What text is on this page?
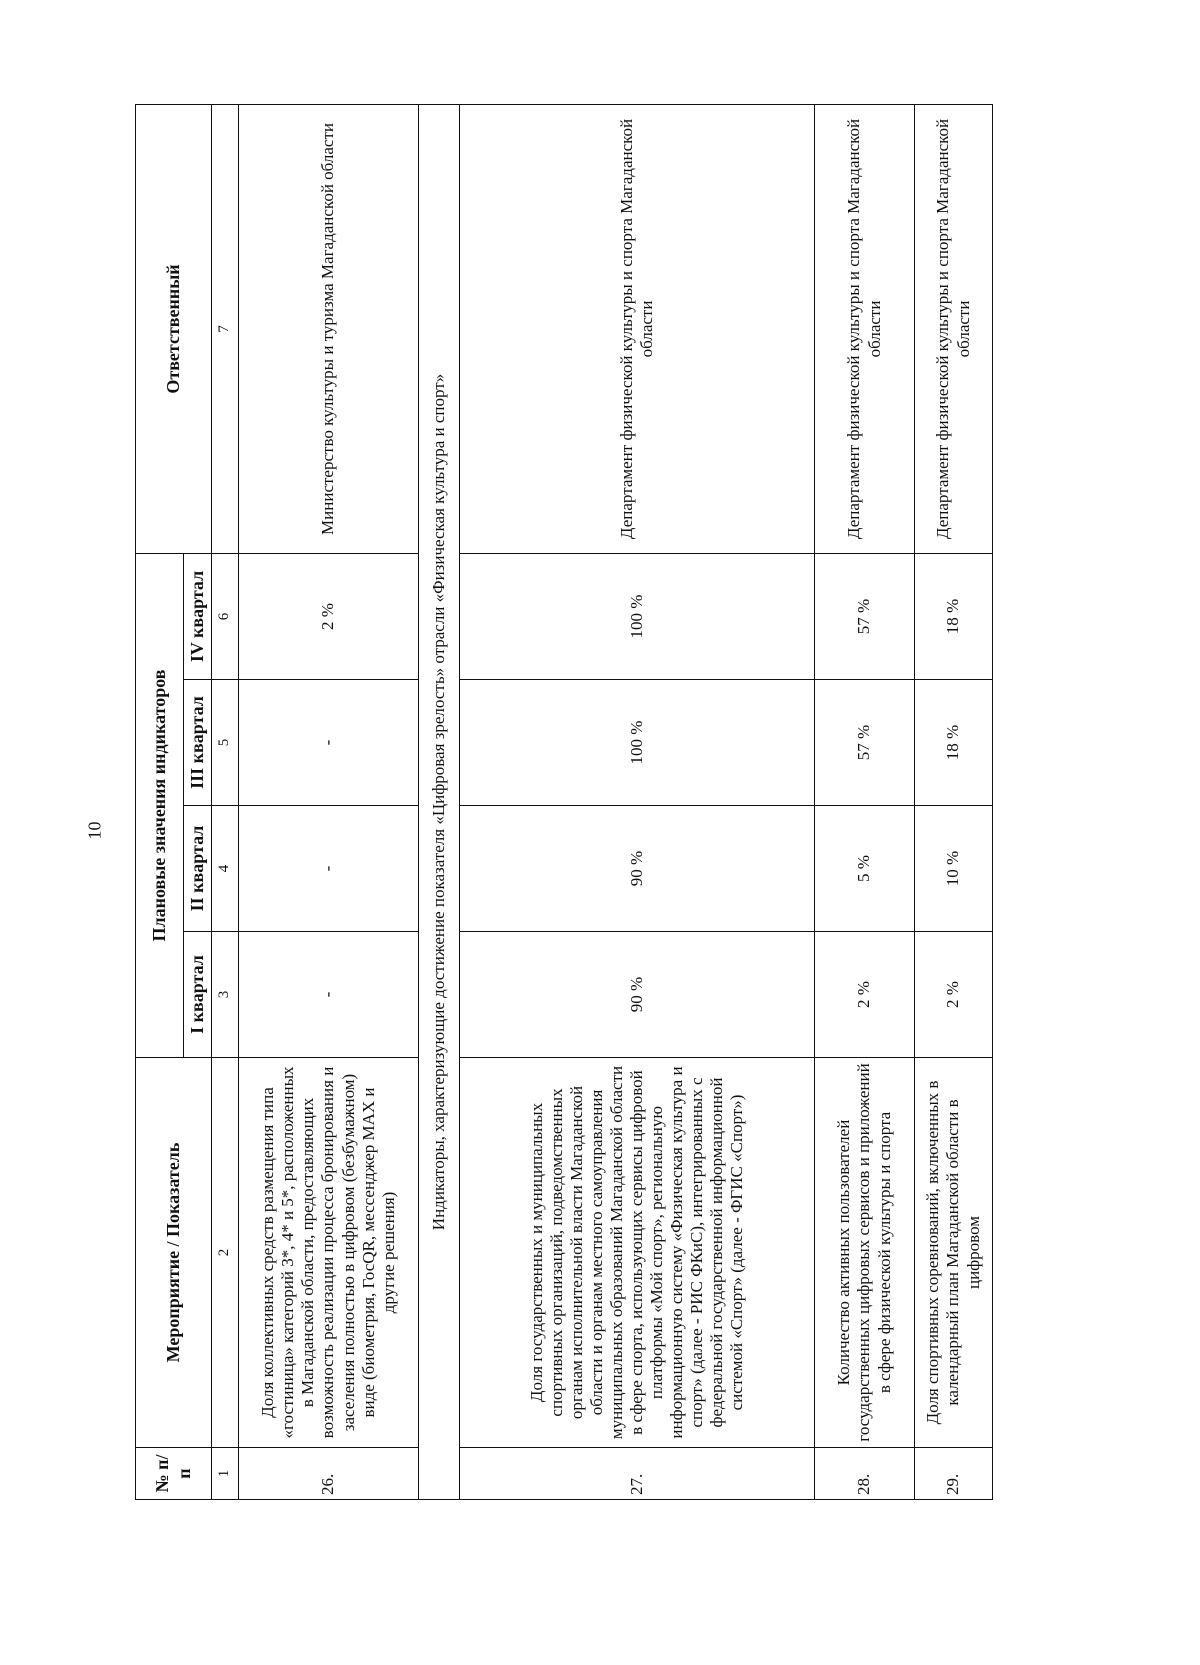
10
№ п/п	Мероприятие / Показатель	Плановые значения индикаторов				Ответственный
		I квартал	II квартал	III квартал	IV квартал	
1	2	3	4	5	6	7
26.	Доля коллективных средств размещения типа «гостиница» категорий 3*, 4* и 5*, расположенных в Магаданской области, предоставляющих возможность реализации процесса бронирования и заселения полностью в цифровом (безбумажном) виде (биометрия, ГосQR, мессенджер MAX и другие решения)	-	-	-	2 %	Министерство культуры и туризма Магаданской области
Индикаторы, характеризующие достижение показателя «Цифровая зрелость» отрасли «Физическая культура и спорт»						
27.	Доля государственных и муниципальных спортивных организаций, подведомственных органам исполнительной власти Магаданской области и органам местного самоуправления муниципальных образований Магаданской области в сфере спорта, использующих сервисы цифровой платформы «Мой спорт», региональную информационную систему «Физическая культура и спорт» (далее - РИС ФКиС), интегрированных с федеральной государственной информационной системой «Спорт» (далее - ФГИС «Спорт»)	90 %	90 %	100 %	100 %	Департамент физической культуры и спорта Магаданской области
28.	Количество активных пользователей государственных цифровых сервисов и приложений в сфере физической культуры и спорта	2 %	5 %	57 %	57 %	Департамент физической культуры и спорта Магаданской области
29.	Доля спортивных соревнований, включенных в календарный план Магаданской области в цифровом	2 %	10 %	18 %	18 %	Департамент физической культуры и спорта Магаданской области
